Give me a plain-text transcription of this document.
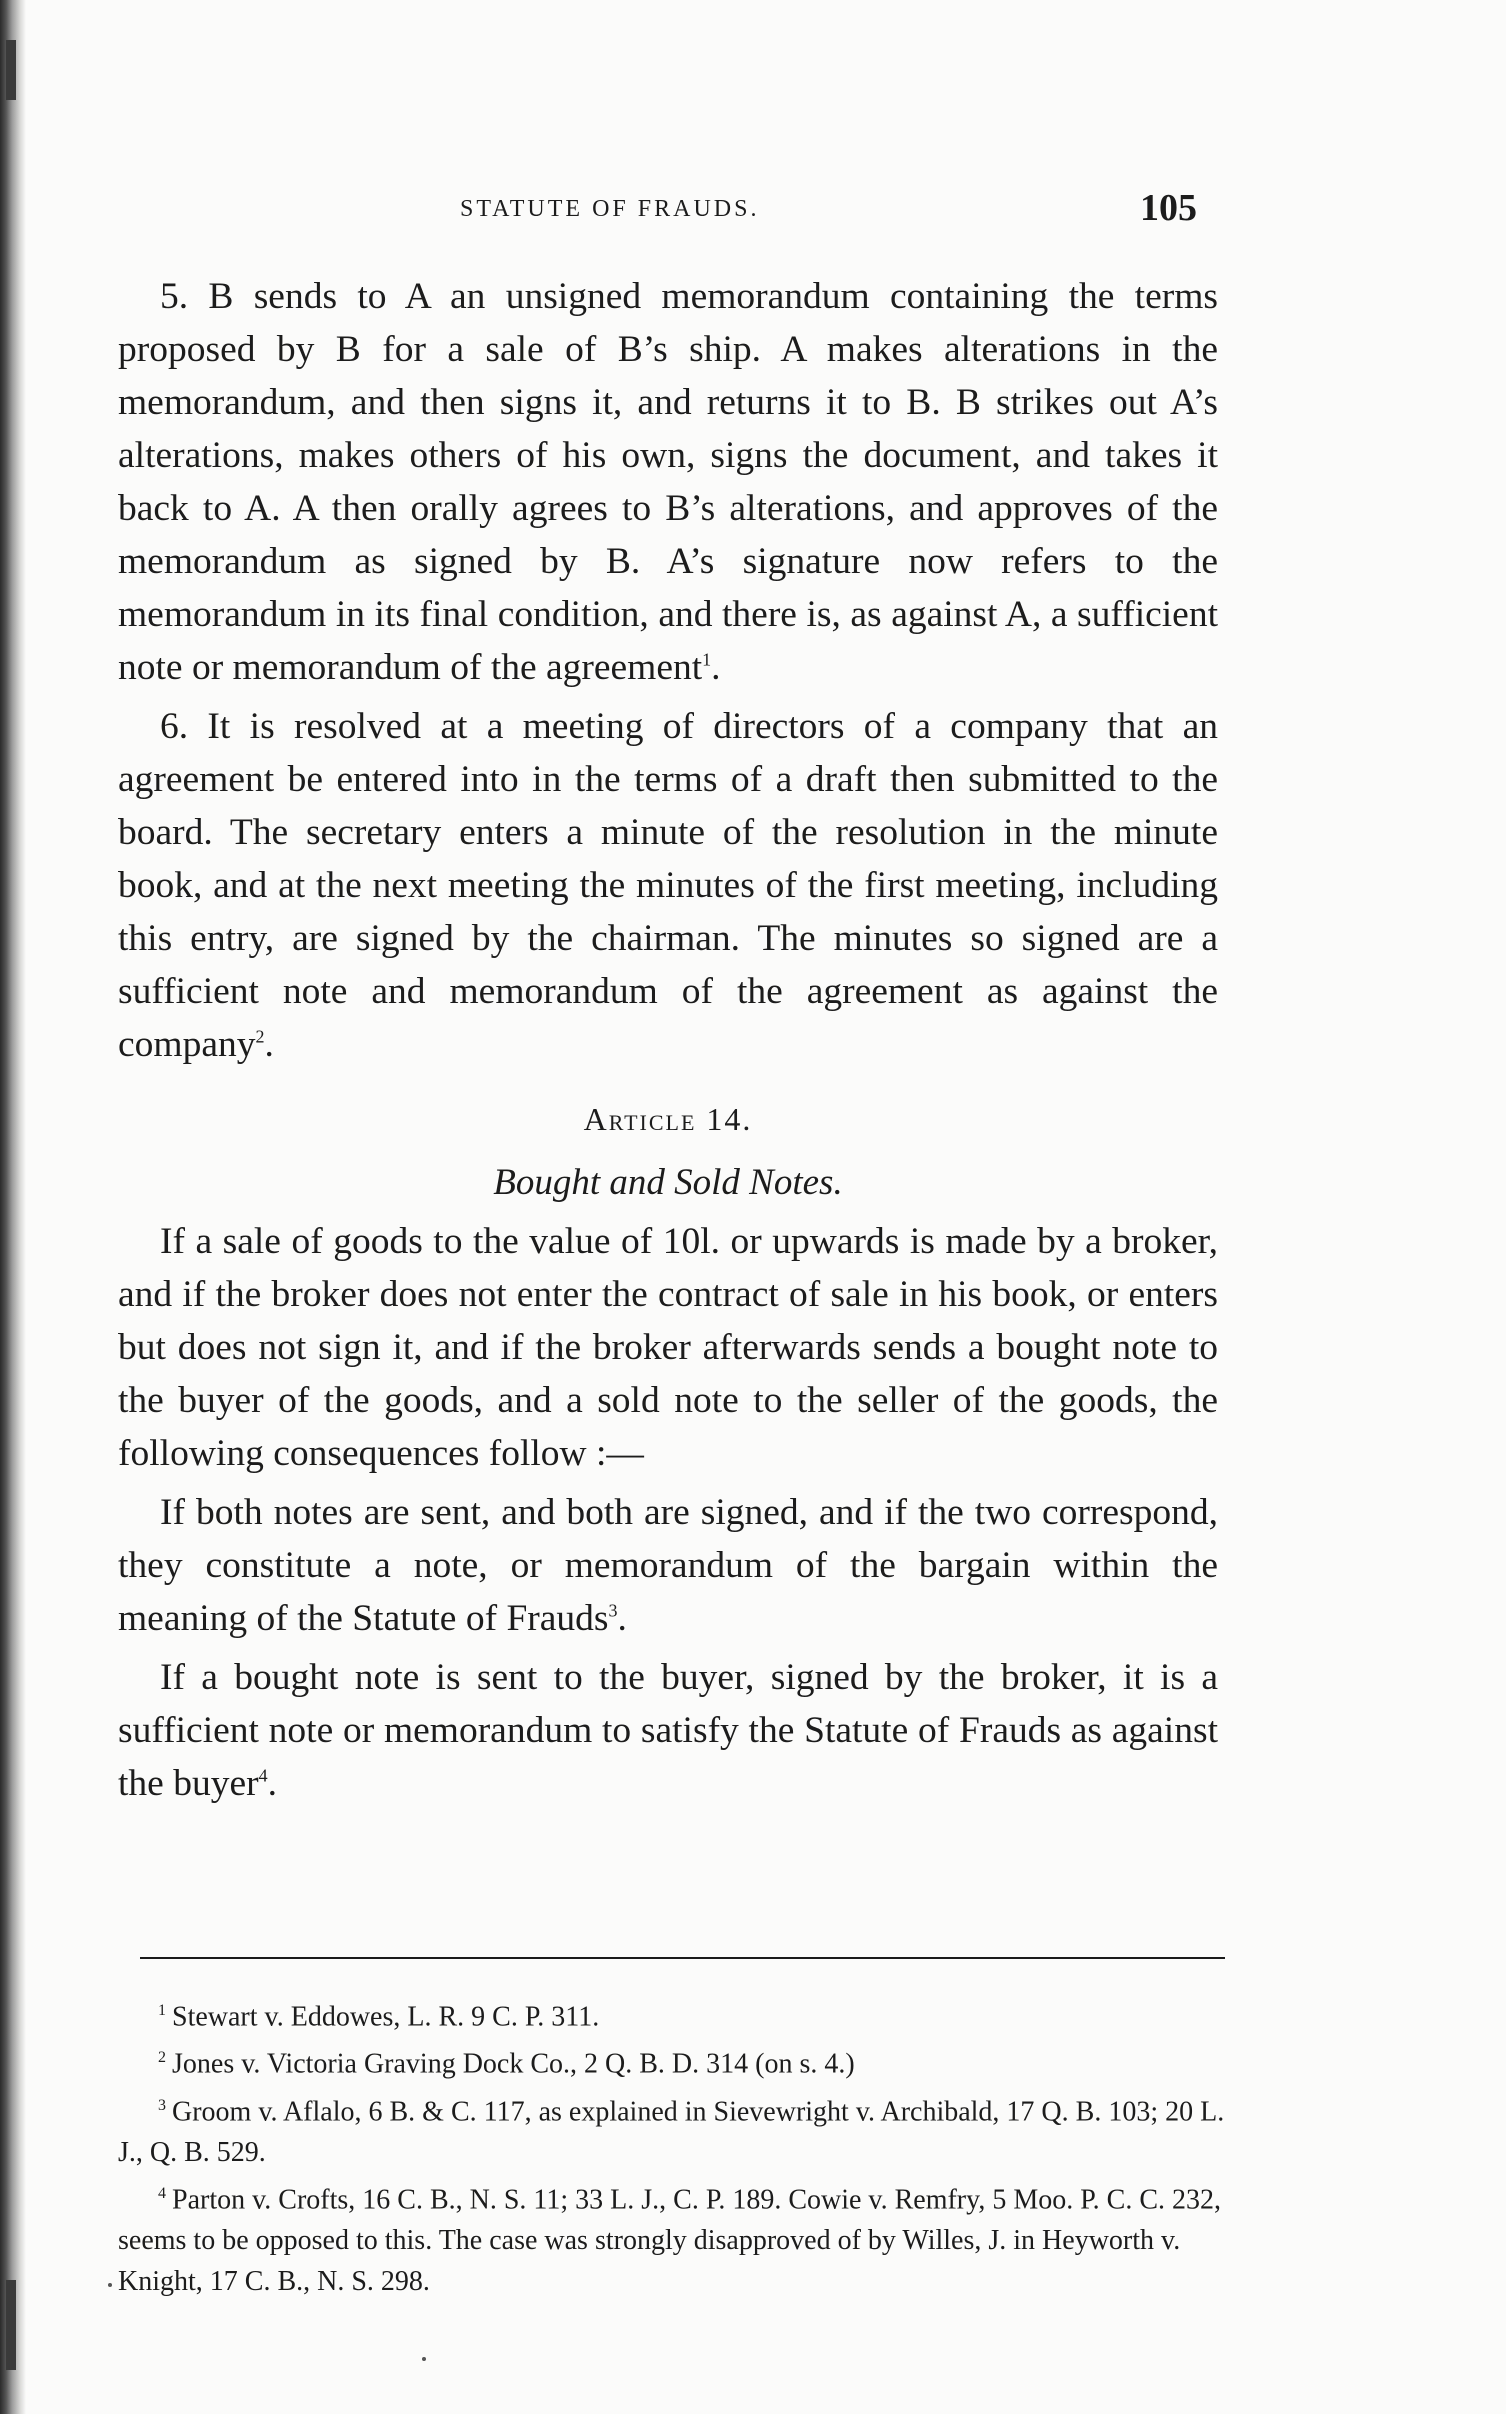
STATUTE OF FRAUDS.	105

5. B sends to A an unsigned memorandum containing the terms proposed by B for a sale of B’s ship. A makes alterations in the memorandum, and then signs it, and returns it to B. B strikes out A’s alterations, makes others of his own, signs the document, and takes it back to A. A then orally agrees to B’s alterations, and approves of the memorandum as signed by B. A’s signature now refers to the memorandum in its final condition, and there is, as against A, a sufficient note or memorandum of the agreement$^1$.

6. It is resolved at a meeting of directors of a company that an agreement be entered into in the terms of a draft then submitted to the board. The secretary enters a minute of the resolution in the minute book, and at the next meeting the minutes of the first meeting, including this entry, are signed by the chairman. The minutes so signed are a sufficient note and memorandum of the agreement as against the company$^2$.

Article 14.
Bought and Sold Notes.

If a sale of goods to the value of 10l. or upwards is made by a broker, and if the broker does not enter the contract of sale in his book, or enters but does not sign it, and if the broker afterwards sends a bought note to the buyer of the goods, and a sold note to the seller of the goods, the following consequences follow :—

If both notes are sent, and both are signed, and if the two correspond, they constitute a note, or memorandum of the bargain within the meaning of the Statute of Frauds$^3$.

If a bought note is sent to the buyer, signed by the broker, it is a sufficient note or memorandum to satisfy the Statute of Frauds as against the buyer$^4$.

$^1$ Stewart v. Eddowes, L. R. 9 C. P. 311.

$^2$ Jones v. Victoria Graving Dock Co., 2 Q. B. D. 314 (on s. 4.)

$^3$ Groom v. Aflalo, 6 B. & C. 117, as explained in Sievewright v. Archibald, 17 Q. B. 103; 20 L. J., Q. B. 529.

$^4$ Parton v. Crofts, 16 C. B., N. S. 11; 33 L. J., C. P. 189. Cowie v. Remfry, 5 Moo. P. C. C. 232, seems to be opposed to this. The case was strongly disapproved of by Willes, J. in Heyworth v. Knight, 17 C. B., N. S. 298.
